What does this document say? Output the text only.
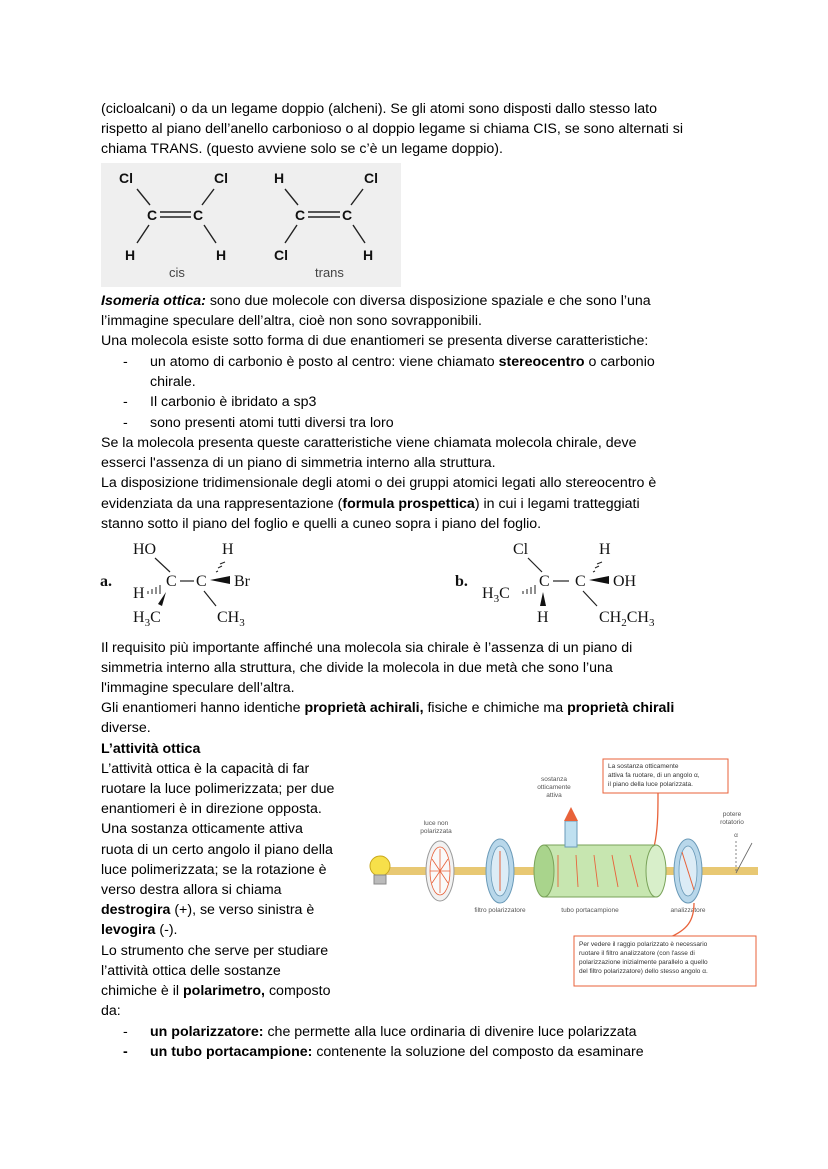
(cicloalcani) o da un legame doppio (alcheni). Se gli atomi sono disposti dallo stesso lato
rispetto al piano dell’anello carbonioso o al doppio legame si chiama CIS, se sono alternati si
chiama TRANS. (questo avviene solo se c’è un legame doppio).
Cl	Cl
C	C
H	H
cis
H	Cl
C	C
Cl	H
trans
Isomeria ottica: sono due molecole con diversa disposizione spaziale e che sono l’una
l’immagine speculare dell’altra, cioè non sono sovrapponibili.
Una molecola esiste sotto forma di due enantiomeri se presenta diverse caratteristiche:
- un atomo di carbonio è posto al centro: viene chiamato stereocentro o carbonio
chirale.
- Il carbonio è ibridato a sp3
- sono presenti atomi tutti diversi tra loro
Se la molecola presenta queste caratteristiche viene chiamata molecola chirale, deve
esserci l'assenza di un piano di simmetria interno alla struttura.
La disposizione tridimensionale degli atomi o dei gruppi atomici legati allo stereocentro è
evidenziata da una rappresentazione (formula prospettica) in cui i legami tratteggiati
stanno sotto il piano del foglio e quelli a cuneo sopra i piano del foglio.
a.
HO	H
H
C C Br
$H_3C$	$CH_3$
b.
Cl	H
$H_3C$
C C OH
H	$CH_2CH_3$
Il requisito più importante affinché una molecola sia chirale è l’assenza di un piano di
simmetria interno alla struttura, che divide la molecola in due metà che sono l’una
l'immagine speculare dell’altra.
Gli enantiomeri hanno identiche proprietà achirali, fisiche e chimiche ma proprietà chirali
diverse.
L’attività ottica
L’attività ottica è la capacità di far
ruotare la luce polimerizzata; per due
enantiomeri è in direzione opposta.
Una sostanza otticamente attiva
ruota di un certo angolo il piano della
luce polimerizzata; se la rotazione è
verso destra allora si chiama
destrogira (+), se verso sinistra è
levogira (-).
Lo strumento che serve per studiare
l’attività ottica delle sostanze
chimiche è il polarimetro, composto
da:
La sostanza otticamente
attiva fa ruotare, di un angolo α,
il piano della luce polarizzata.
sostanza
otticamente
attiva
luce non
polarizzata
potere
rotatorio
α
filtro polarizzatore	tubo portacampione	analizzatore
Per vedere il raggio polarizzato è necessario
ruotare il filtro analizzatore (con l'asse di
polarizzazione inizialmente parallelo a quello
del filtro polarizzatore) dello stesso angolo α.
- un polarizzatore: che permette alla luce ordinaria di divenire luce polarizzata
- un tubo portacampione: contenente la soluzione del composto da esaminare
